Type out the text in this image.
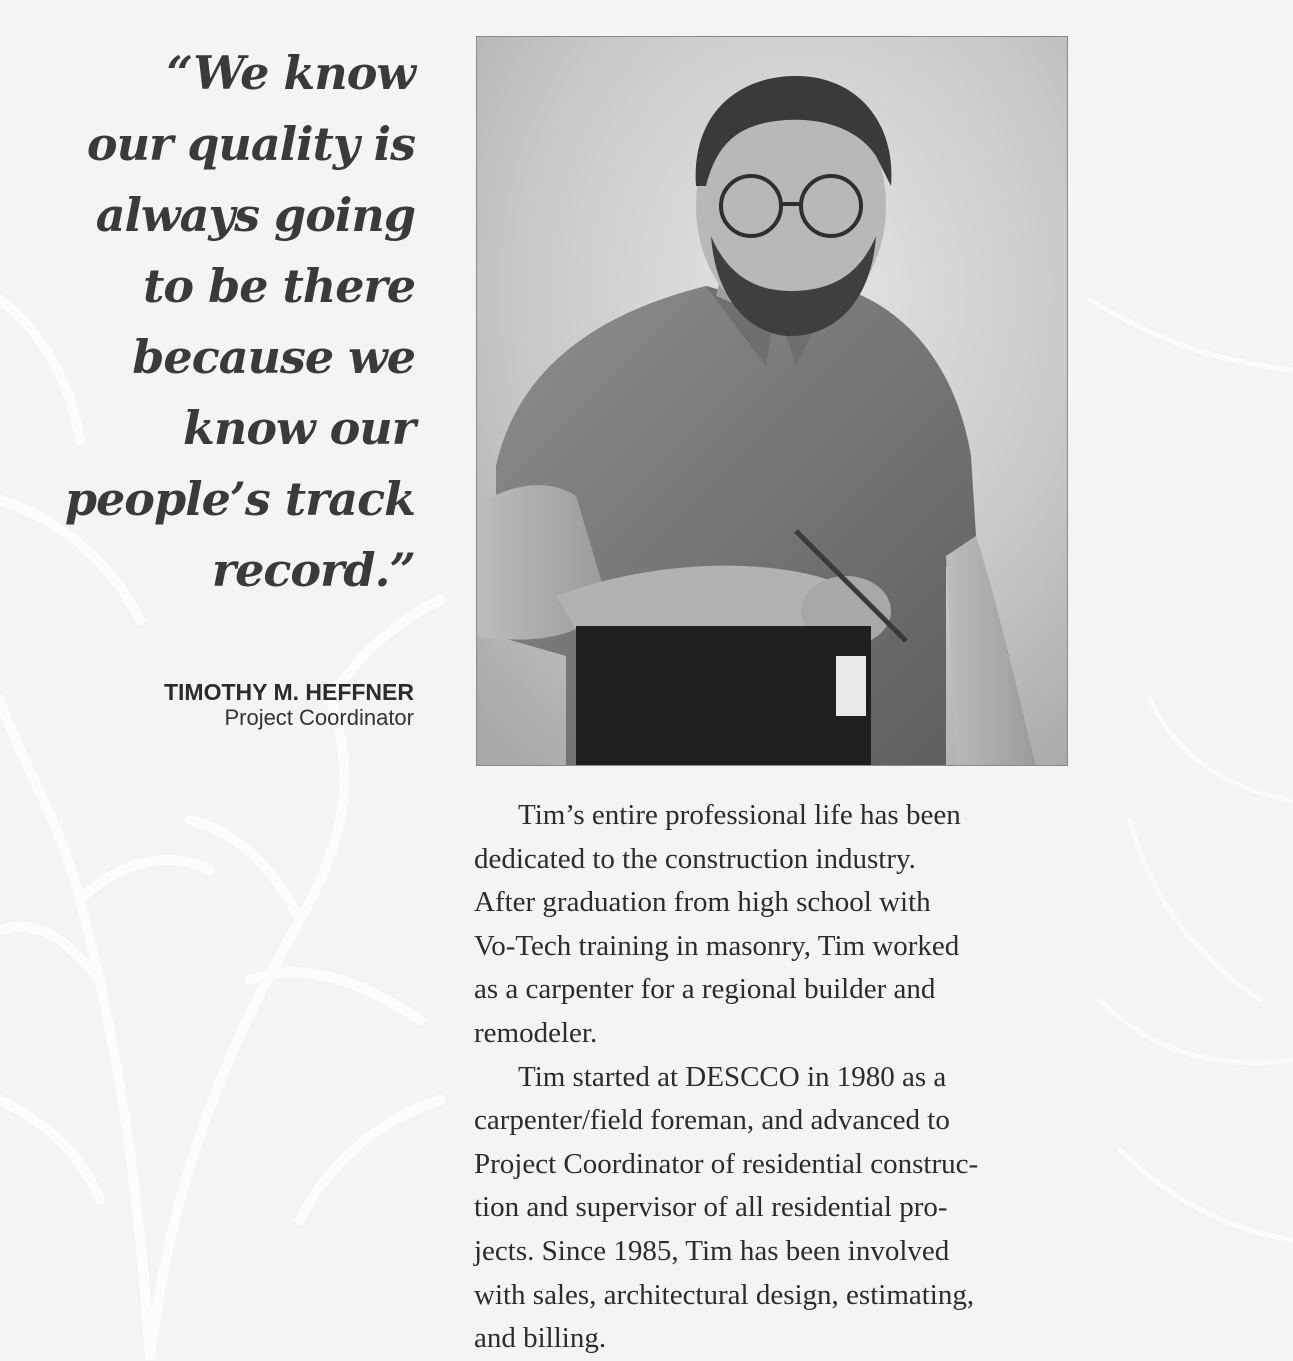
“We know
our quality is
always going
to be there
because we
know our
people’s track
record.”
TIMOTHY M. HEFFNER
Project Coordinator

Tim’s entire professional life has been
dedicated to the construction industry.
After graduation from high school with
Vo-Tech training in masonry, Tim worked
as a carpenter for a regional builder and
remodeler.

Tim started at DESCCO in 1980 as a
carpenter/field foreman, and advanced to
Project Coordinator of residential construc-
tion and supervisor of all residential pro-
jects. Since 1985, Tim has been involved
with sales, architectural design, estimating,
and billing.
